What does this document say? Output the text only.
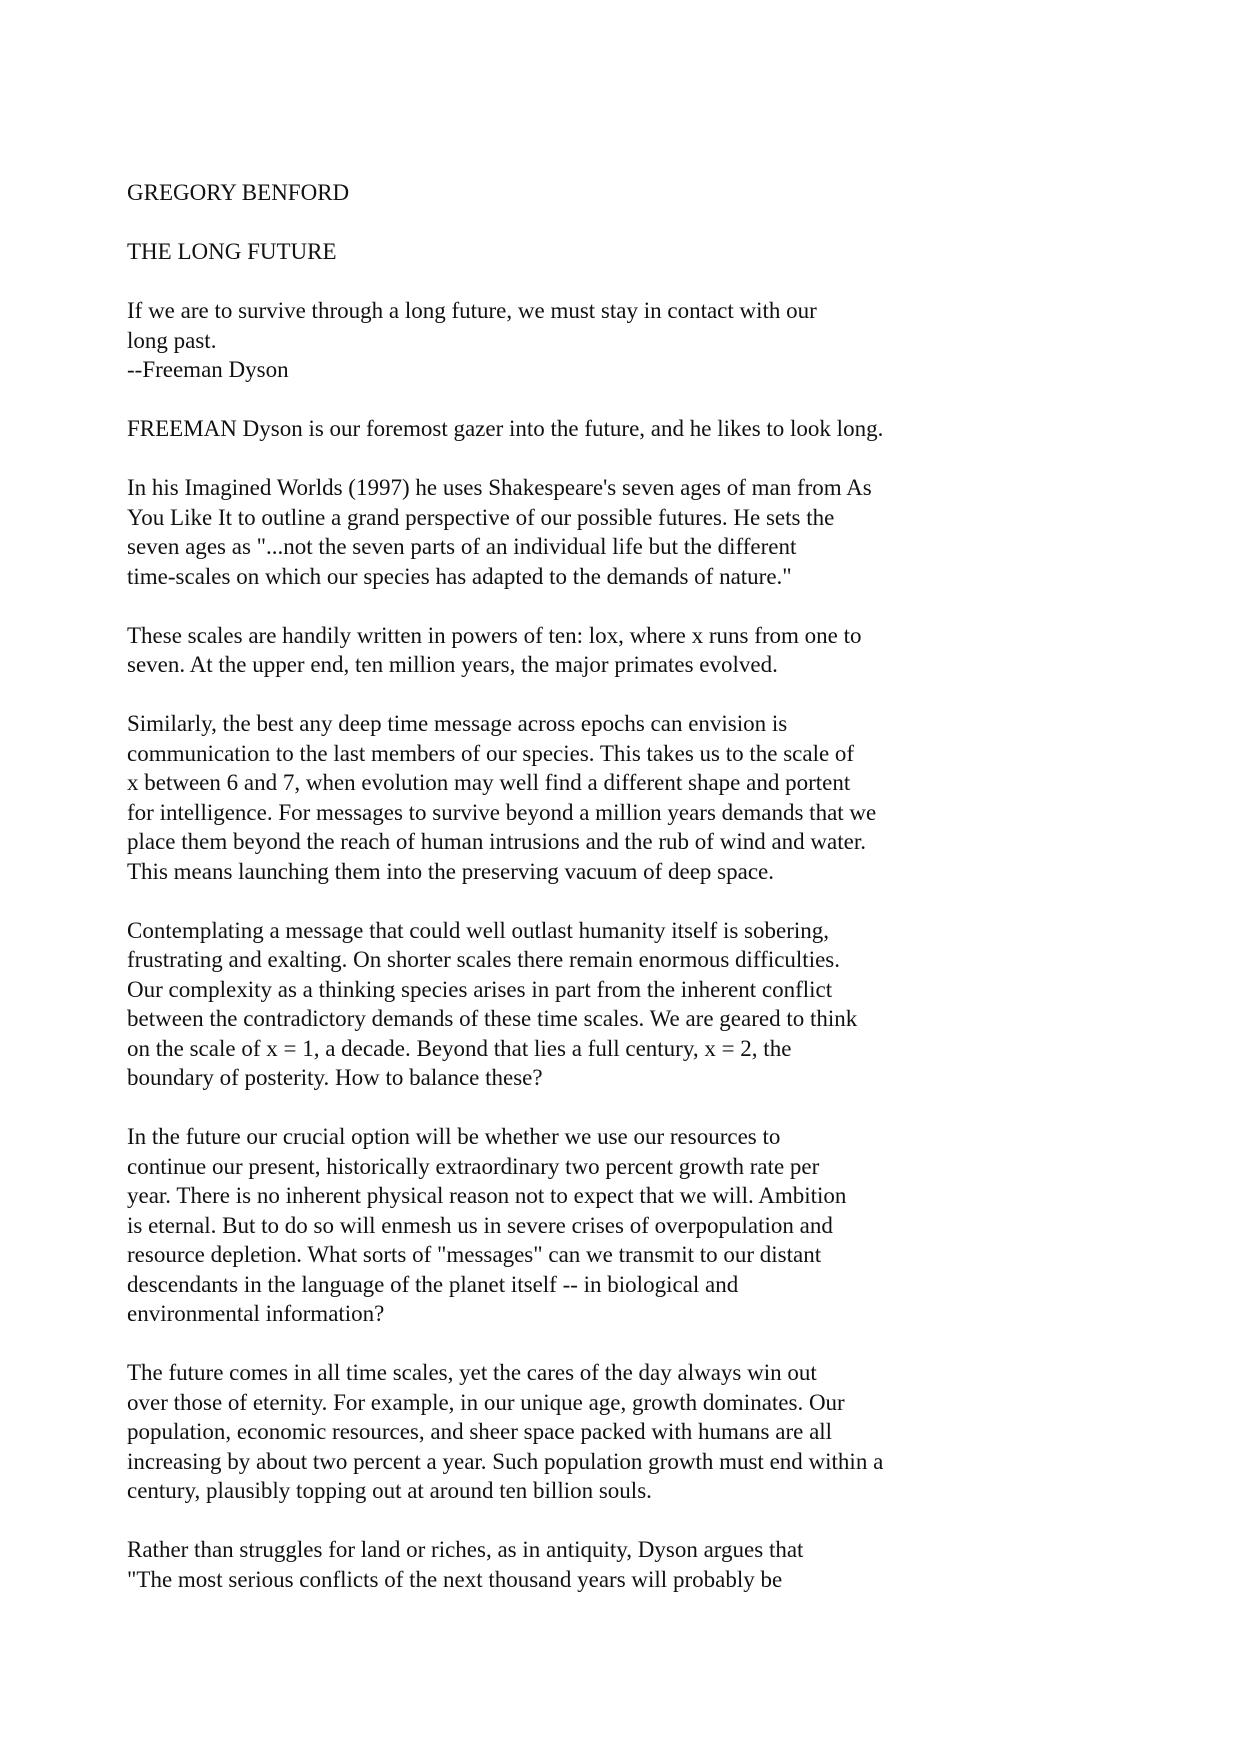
GREGORY BENFORD
THE LONG FUTURE
If we are to survive through a long future, we must stay in contact with our
long past.
--Freeman Dyson
FREEMAN Dyson is our foremost gazer into the future, and he likes to look long.
In his Imagined Worlds (1997) he uses Shakespeare's seven ages of man from As
You Like It to outline a grand perspective of our possible futures. He sets the
seven ages as "...not the seven parts of an individual life but the different
time-scales on which our species has adapted to the demands of nature."
These scales are handily written in powers of ten: lox, where x runs from one to
seven. At the upper end, ten million years, the major primates evolved.
Similarly, the best any deep time message across epochs can envision is
communication to the last members of our species. This takes us to the scale of
x between 6 and 7, when evolution may well find a different shape and portent
for intelligence. For messages to survive beyond a million years demands that we
place them beyond the reach of human intrusions and the rub of wind and water.
This means launching them into the preserving vacuum of deep space.
Contemplating a message that could well outlast humanity itself is sobering,
frustrating and exalting. On shorter scales there remain enormous difficulties.
Our complexity as a thinking species arises in part from the inherent conflict
between the contradictory demands of these time scales. We are geared to think
on the scale of x = 1, a decade. Beyond that lies a full century, x = 2, the
boundary of posterity. How to balance these?
In the future our crucial option will be whether we use our resources to
continue our present, historically extraordinary two percent growth rate per
year. There is no inherent physical reason not to expect that we will. Ambition
is eternal. But to do so will enmesh us in severe crises of overpopulation and
resource depletion. What sorts of "messages" can we transmit to our distant
descendants in the language of the planet itself -- in biological and
environmental information?
The future comes in all time scales, yet the cares of the day always win out
over those of eternity. For example, in our unique age, growth dominates. Our
population, economic resources, and sheer space packed with humans are all
increasing by about two percent a year. Such population growth must end within a
century, plausibly topping out at around ten billion souls.
Rather than struggles for land or riches, as in antiquity, Dyson argues that
"The most serious conflicts of the next thousand years will probably be
